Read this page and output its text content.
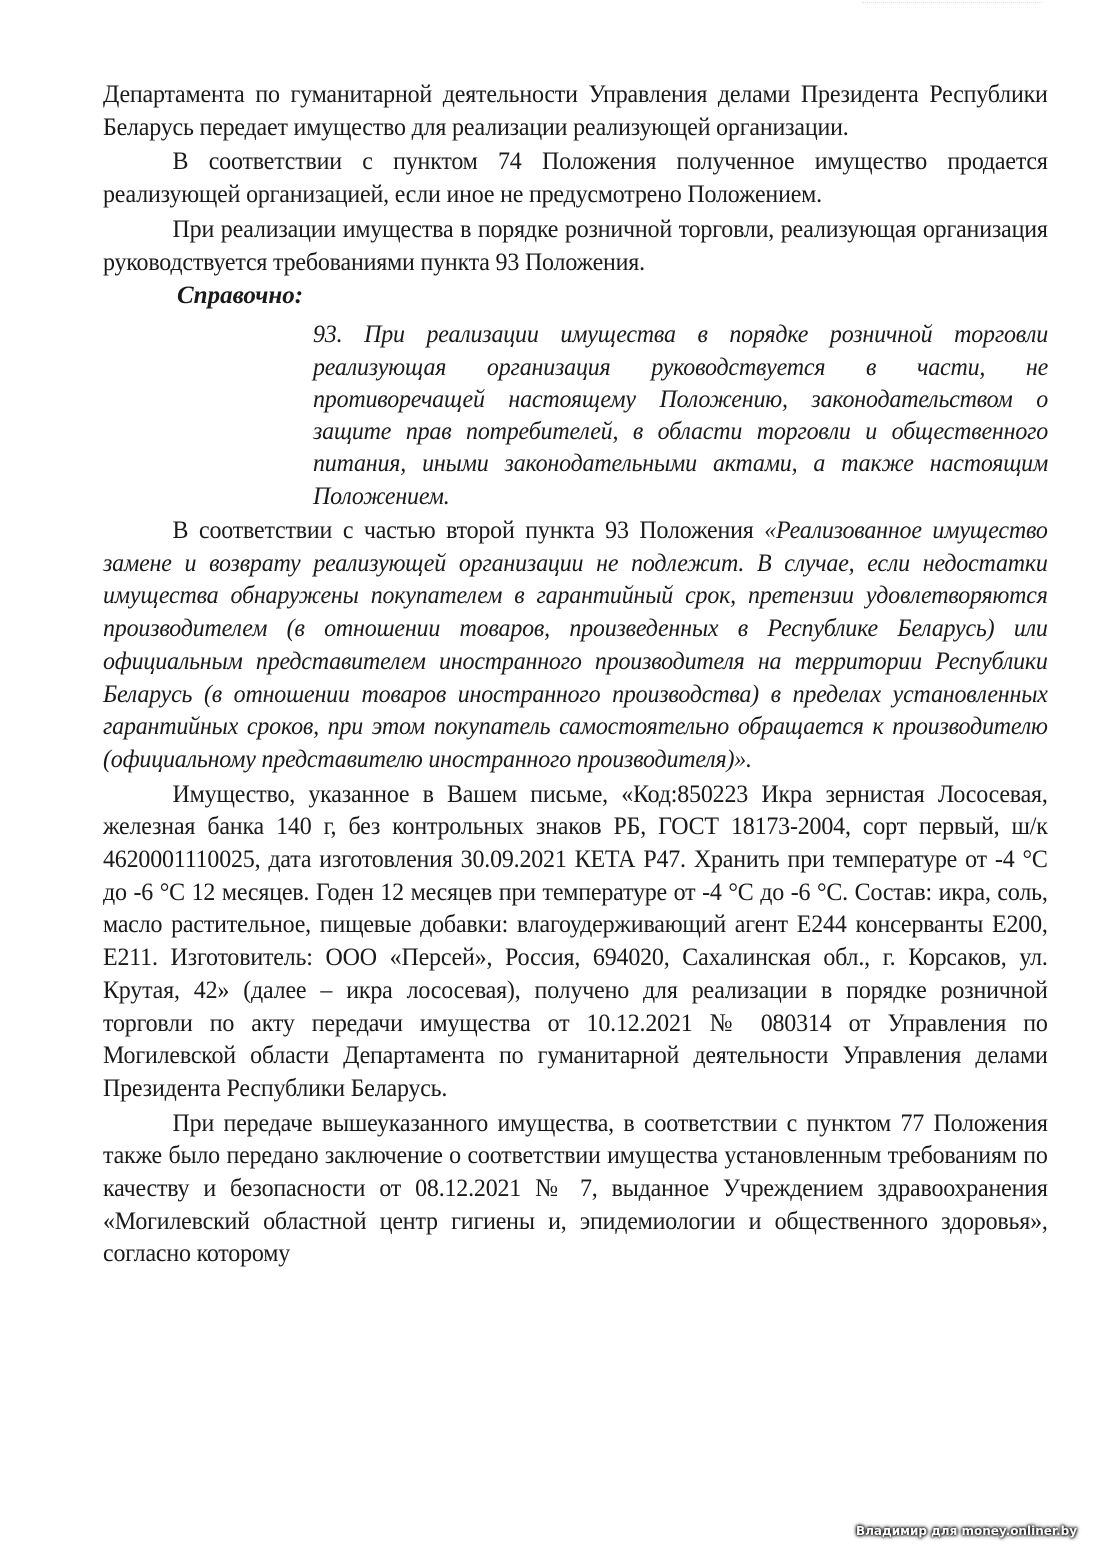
Департамента по гуманитарной деятельности Управления делами Президента Республики Беларусь передает имущество для реализации реализующей организации.

В соответствии с пунктом 74 Положения полученное имущество продается реализующей организацией, если иное не предусмотрено Положением.

При реализации имущества в порядке розничной торговли, реализующая организация руководствуется требованиями пункта 93 Положения.

Справочно:

93. При реализации имущества в порядке розничной торговли реализующая организация руководствуется в части, не противоречащей настоящему Положению, законодательством о защите прав потребителей, в области торговли и общественного питания, иными законодательными актами, а также настоящим Положением.

В соответствии с частью второй пункта 93 Положения «Реализованное имущество замене и возврату реализующей организации не подлежит. В случае, если недостатки имущества обнаружены покупателем в гарантийный срок, претензии удовлетворяются производителем (в отношении товаров, произведенных в Республике Беларусь) или официальным представителем иностранного производителя на территории Республики Беларусь (в отношении товаров иностранного производства) в пределах установленных гарантийных сроков, при этом покупатель самостоятельно обращается к производителю (официальному представителю иностранного производителя)».

Имущество, указанное в Вашем письме, «Код:850223 Икра зернистая Лососевая, железная банка 140 г, без контрольных знаков РБ, ГОСТ 18173-2004, сорт первый, ш/к 4620001110025, дата изготовления 30.09.2021 КЕТА Р47. Хранить при температуре от -4 °С до -6 °С 12 месяцев. Годен 12 месяцев при температуре от -4 °С до -6 °С. Состав: икра, соль, масло растительное, пищевые добавки: влагоудерживающий агент Е244 консерванты Е200, Е211. Изготовитель: ООО «Персей», Россия, 694020, Сахалинская обл., г. Корсаков, ул. Крутая, 42» (далее – икра лососевая), получено для реализации в порядке розничной торговли по акту передачи имущества от 10.12.2021 № 080314 от Управления по Могилевской области Департамента по гуманитарной деятельности Управления делами Президента Республики Беларусь.

При передаче вышеуказанного имущества, в соответствии с пунктом 77 Положения также было передано заключение о соответствии имущества установленным требованиям по качеству и безопасности от 08.12.2021 № 7, выданное Учреждением здравоохранения «Могилевский областной центр гигиены и, эпидемиологии и общественного здоровья», согласно которому

Владимир для money.onliner.by
